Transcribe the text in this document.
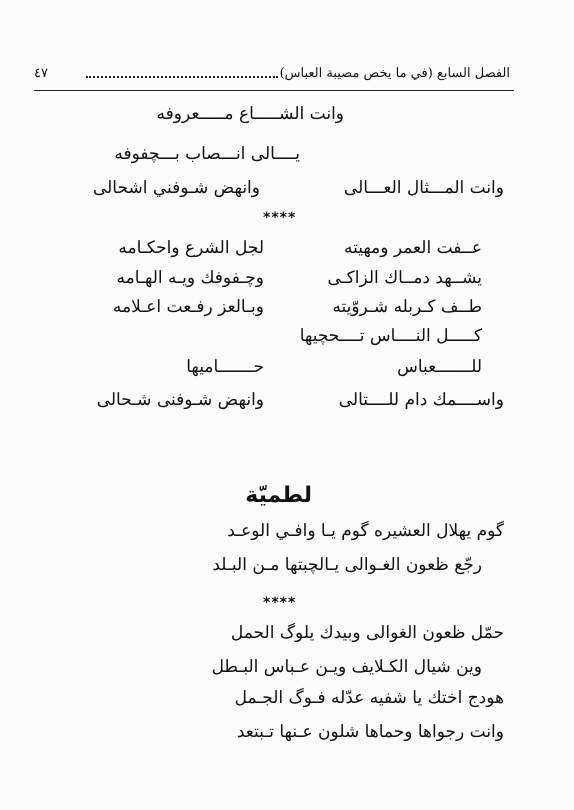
الفصل السابع (في ما يخص مصيبة العباس)
٤٧
وانت الشـــــاع مـــــعروفه
يــــالى انـــصاب بـــچفوفه
وانت المـــثال العـــالى
وانهض شـوفني اشحالى
****
عــفت العمر ومهيته
لجل الشرع واحكـامه
يشــهد دمــاك الزاكـى
وچـفوفك ويـه الهـامه
طــف كـربله شـروّيته
وبـالعز رفـعت اعـلامه
كـــــل النــــاس تــــحچيها
للـــــــعباس
حـــــــاميها
واســــمك دام للــــتالى
وانهض شـوفنى شـحالى
لطميّة
گوم يهلال العشيره گوم يـا وافـي الوعـد
رجّع ظعون الغـوالى يـالچبتها مـن البـلد
****
حمّل ظعون الغوالى وبيدك يلوگ الحمل
وين شيال الكـلايف ويـن عـباس البـطل
هودج اختك يا شفيه عدّله فـوگ الجـمل
وانت رجواها وحماها شلون عـنها تـبتعد
